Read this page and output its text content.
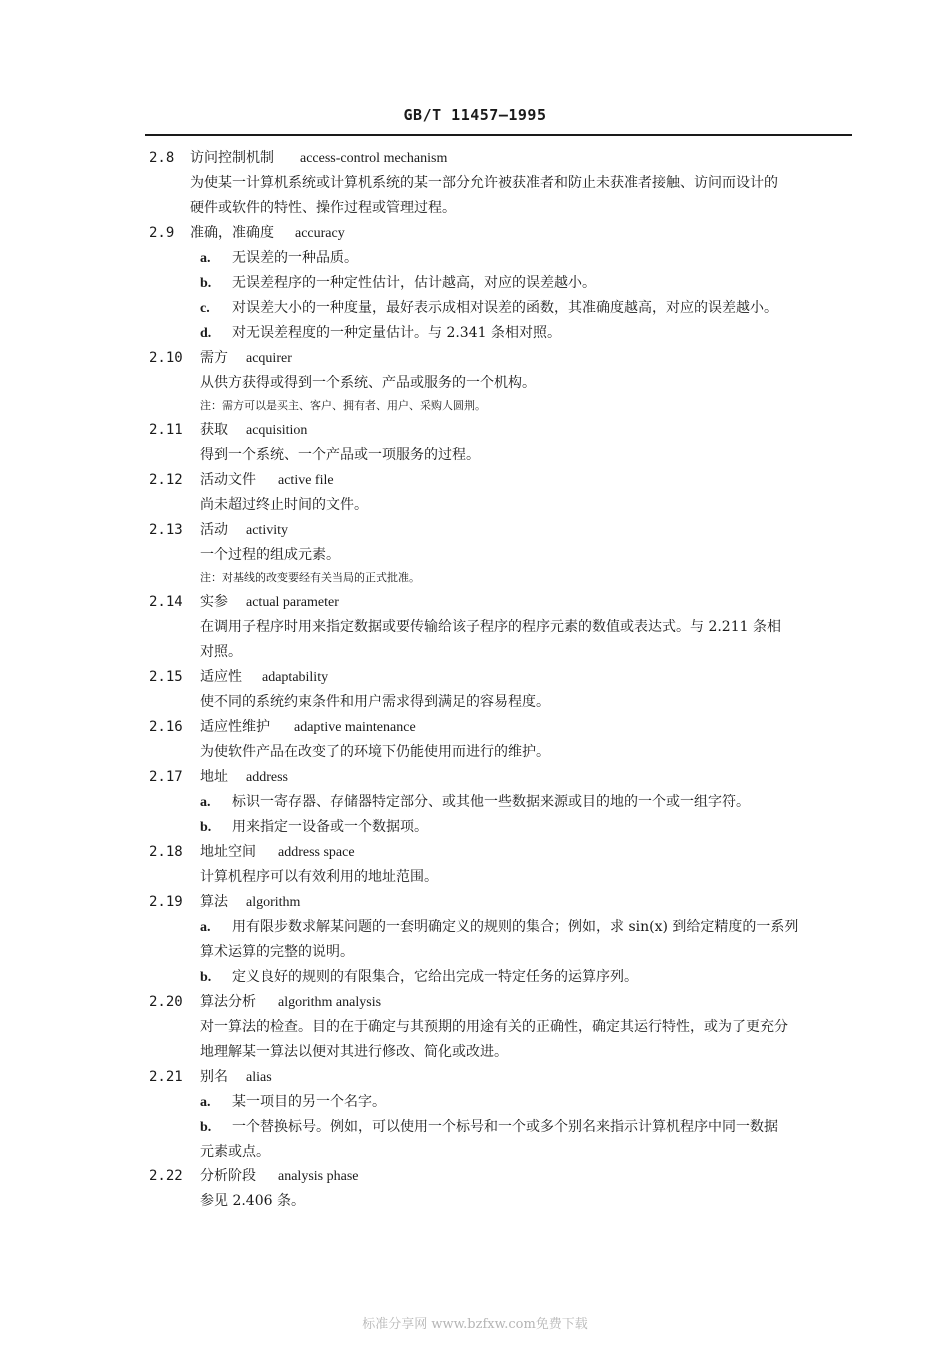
GB/T 11457—1995
2.8 访问控制机制 access-control mechanism
为使某一计算机系统或计算机系统的某一部分允许被获准者和防止未获准者接触、访问而设计的
硬件或软件的特性、操作过程或管理过程。
2.9 准确，准确度 accuracy
a. 无误差的一种品质。
b. 无误差程序的一种定性估计，估计越高，对应的误差越小。
c. 对误差大小的一种度量，最好表示成相对误差的函数，其准确度越高，对应的误差越小。
d. 对无误差程度的一种定量估计。与 2.341 条相对照。
2.10 需方 acquirer
从供方获得或得到一个系统、产品或服务的一个机构。
注：需方可以是买主、客户、拥有者、用户、采购人圆荆。
2.11 获取 acquisition
得到一个系统、一个产品或一项服务的过程。
2.12 活动文件 active file
尚未超过终止时间的文件。
2.13 活动 activity
一个过程的组成元素。
注：对基线的改变要经有关当局的正式批准。
2.14 实参 actual parameter
在调用子程序时用来指定数据或要传输给该子程序的程序元素的数值或表达式。与 2.211 条相
对照。
2.15 适应性 adaptability
使不同的系统约束条件和用户需求得到满足的容易程度。
2.16 适应性维护 adaptive maintenance
为使软件产品在改变了的环境下仍能使用而进行的维护。
2.17 地址 address
a. 标识一寄存器、存储器特定部分、或其他一些数据来源或目的地的一个或一组字符。
b. 用来指定一设备或一个数据项。
2.18 地址空间 address space
计算机程序可以有效利用的地址范围。
2.19 算法 algorithm
a. 用有限步数求解某问题的一套明确定义的规则的集合；例如，求 sin(x) 到给定精度的一系列
算术运算的完整的说明。
b. 定义良好的规则的有限集合，它给出完成一特定任务的运算序列。
2.20 算法分析 algorithm analysis
对一算法的检查。目的在于确定与其预期的用途有关的正确性，确定其运行特性，或为了更充分
地理解某一算法以便对其进行修改、简化或改进。
2.21 别名 alias
a. 某一项目的另一个名字。
b. 一个替换标号。例如，可以使用一个标号和一个或多个别名来指示计算机程序中同一数据
元素或点。
2.22 分析阶段 analysis phase
参见 2.406 条。
标准分享网 www.bzfxw.com免费下载
